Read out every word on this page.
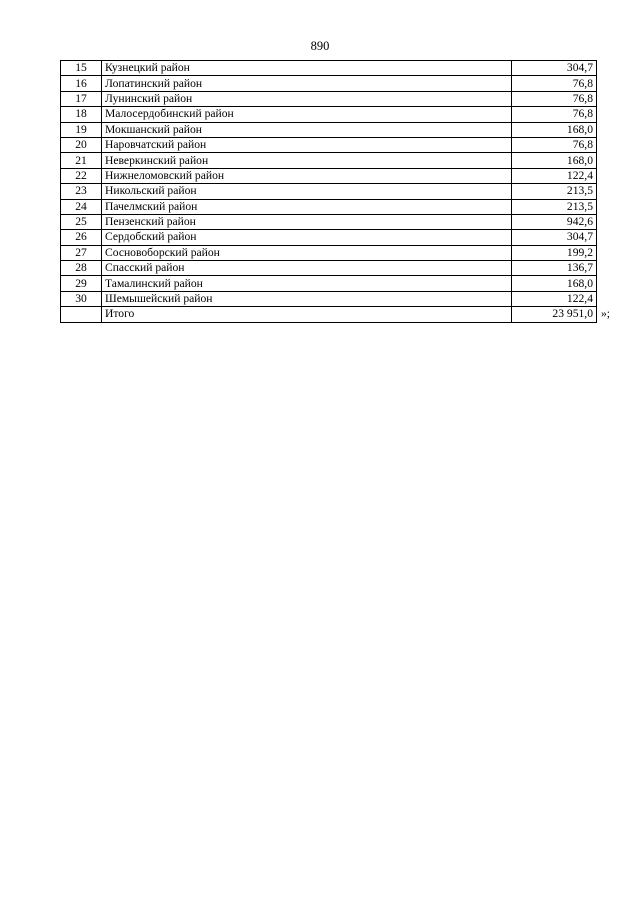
890
15	Кузнецкий район	304,7
16	Лопатинский район	76,8
17	Лунинский район	76,8
18	Малосердобинский район	76,8
19	Мокшанский район	168,0
20	Наровчатский район	76,8
21	Неверкинский район	168,0
22	Нижнеломовский район	122,4
23	Никольский район	213,5
24	Пачелмский район	213,5
25	Пензенский район	942,6
26	Сердобский район	304,7
27	Сосновоборский район	199,2
28	Спасский район	136,7
29	Тамалинский район	168,0
30	Шемышейский район	122,4
	Итого	23 951,0 »;
